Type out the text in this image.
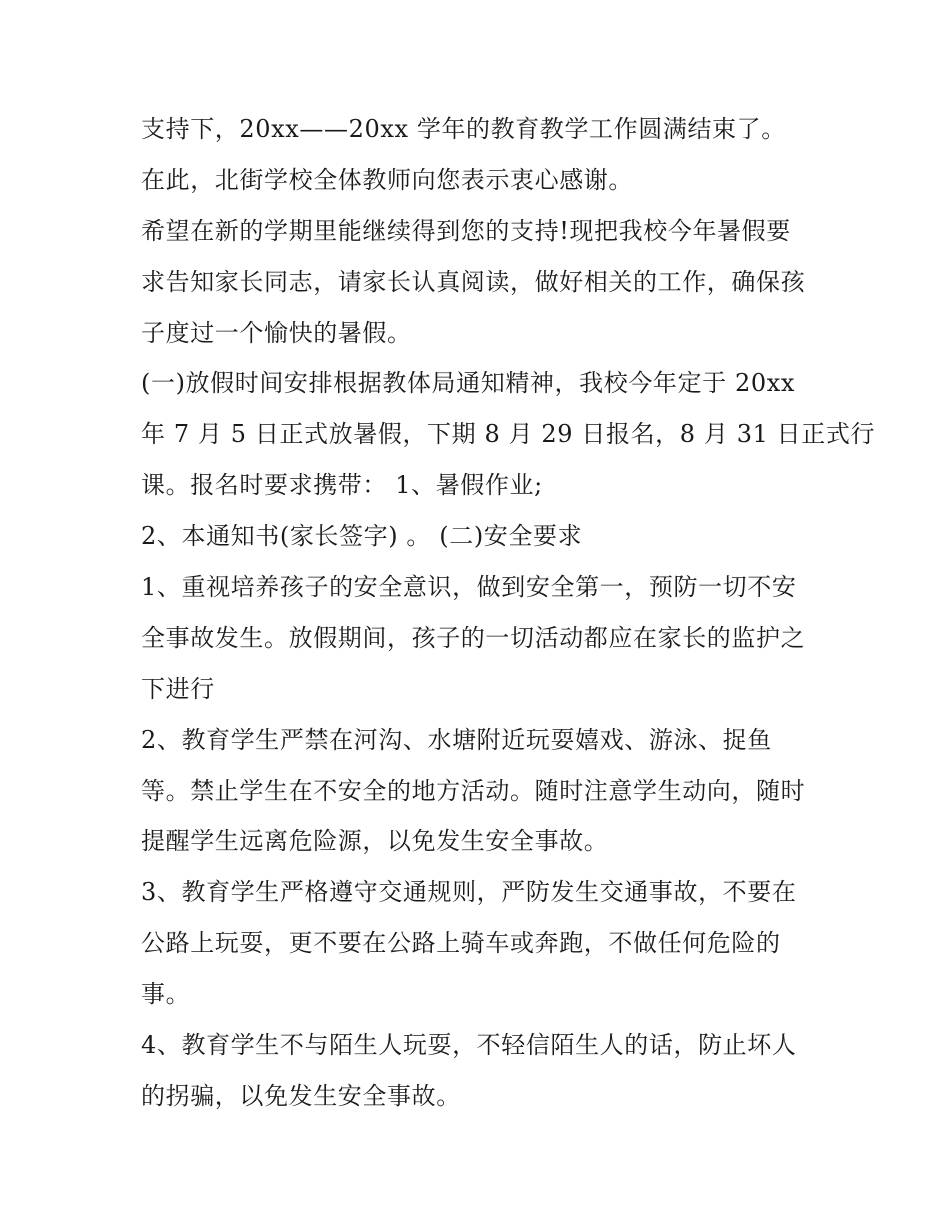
支持下，20xx——20xx 学年的教育教学工作圆满结束了。
在此，北街学校全体教师向您表示衷心感谢。
希望在新的学期里能继续得到您的支持!现把我校今年暑假要
求告知家长同志，请家长认真阅读，做好相关的工作，确保孩
子度过一个愉快的暑假。
(一)放假时间安排根据教体局通知精神，我校今年定于 20xx
年 7 月 5 日正式放暑假，下期 8 月 29 日报名，8 月 31 日正式行
课。报名时要求携带： 1、暑假作业;
2、本通知书(家长签字) 。 (二)安全要求
1、重视培养孩子的安全意识，做到安全第一，预防一切不安
全事故发生。放假期间，孩子的一切活动都应在家长的监护之
下进行
2、教育学生严禁在河沟、水塘附近玩耍嬉戏、游泳、捉鱼
等。禁止学生在不安全的地方活动。随时注意学生动向，随时
提醒学生远离危险源，以免发生安全事故。
3、教育学生严格遵守交通规则，严防发生交通事故，不要在
公路上玩耍，更不要在公路上骑车或奔跑，不做任何危险的
事。
4、教育学生不与陌生人玩耍，不轻信陌生人的话，防止坏人
的拐骗，以免发生安全事故。
